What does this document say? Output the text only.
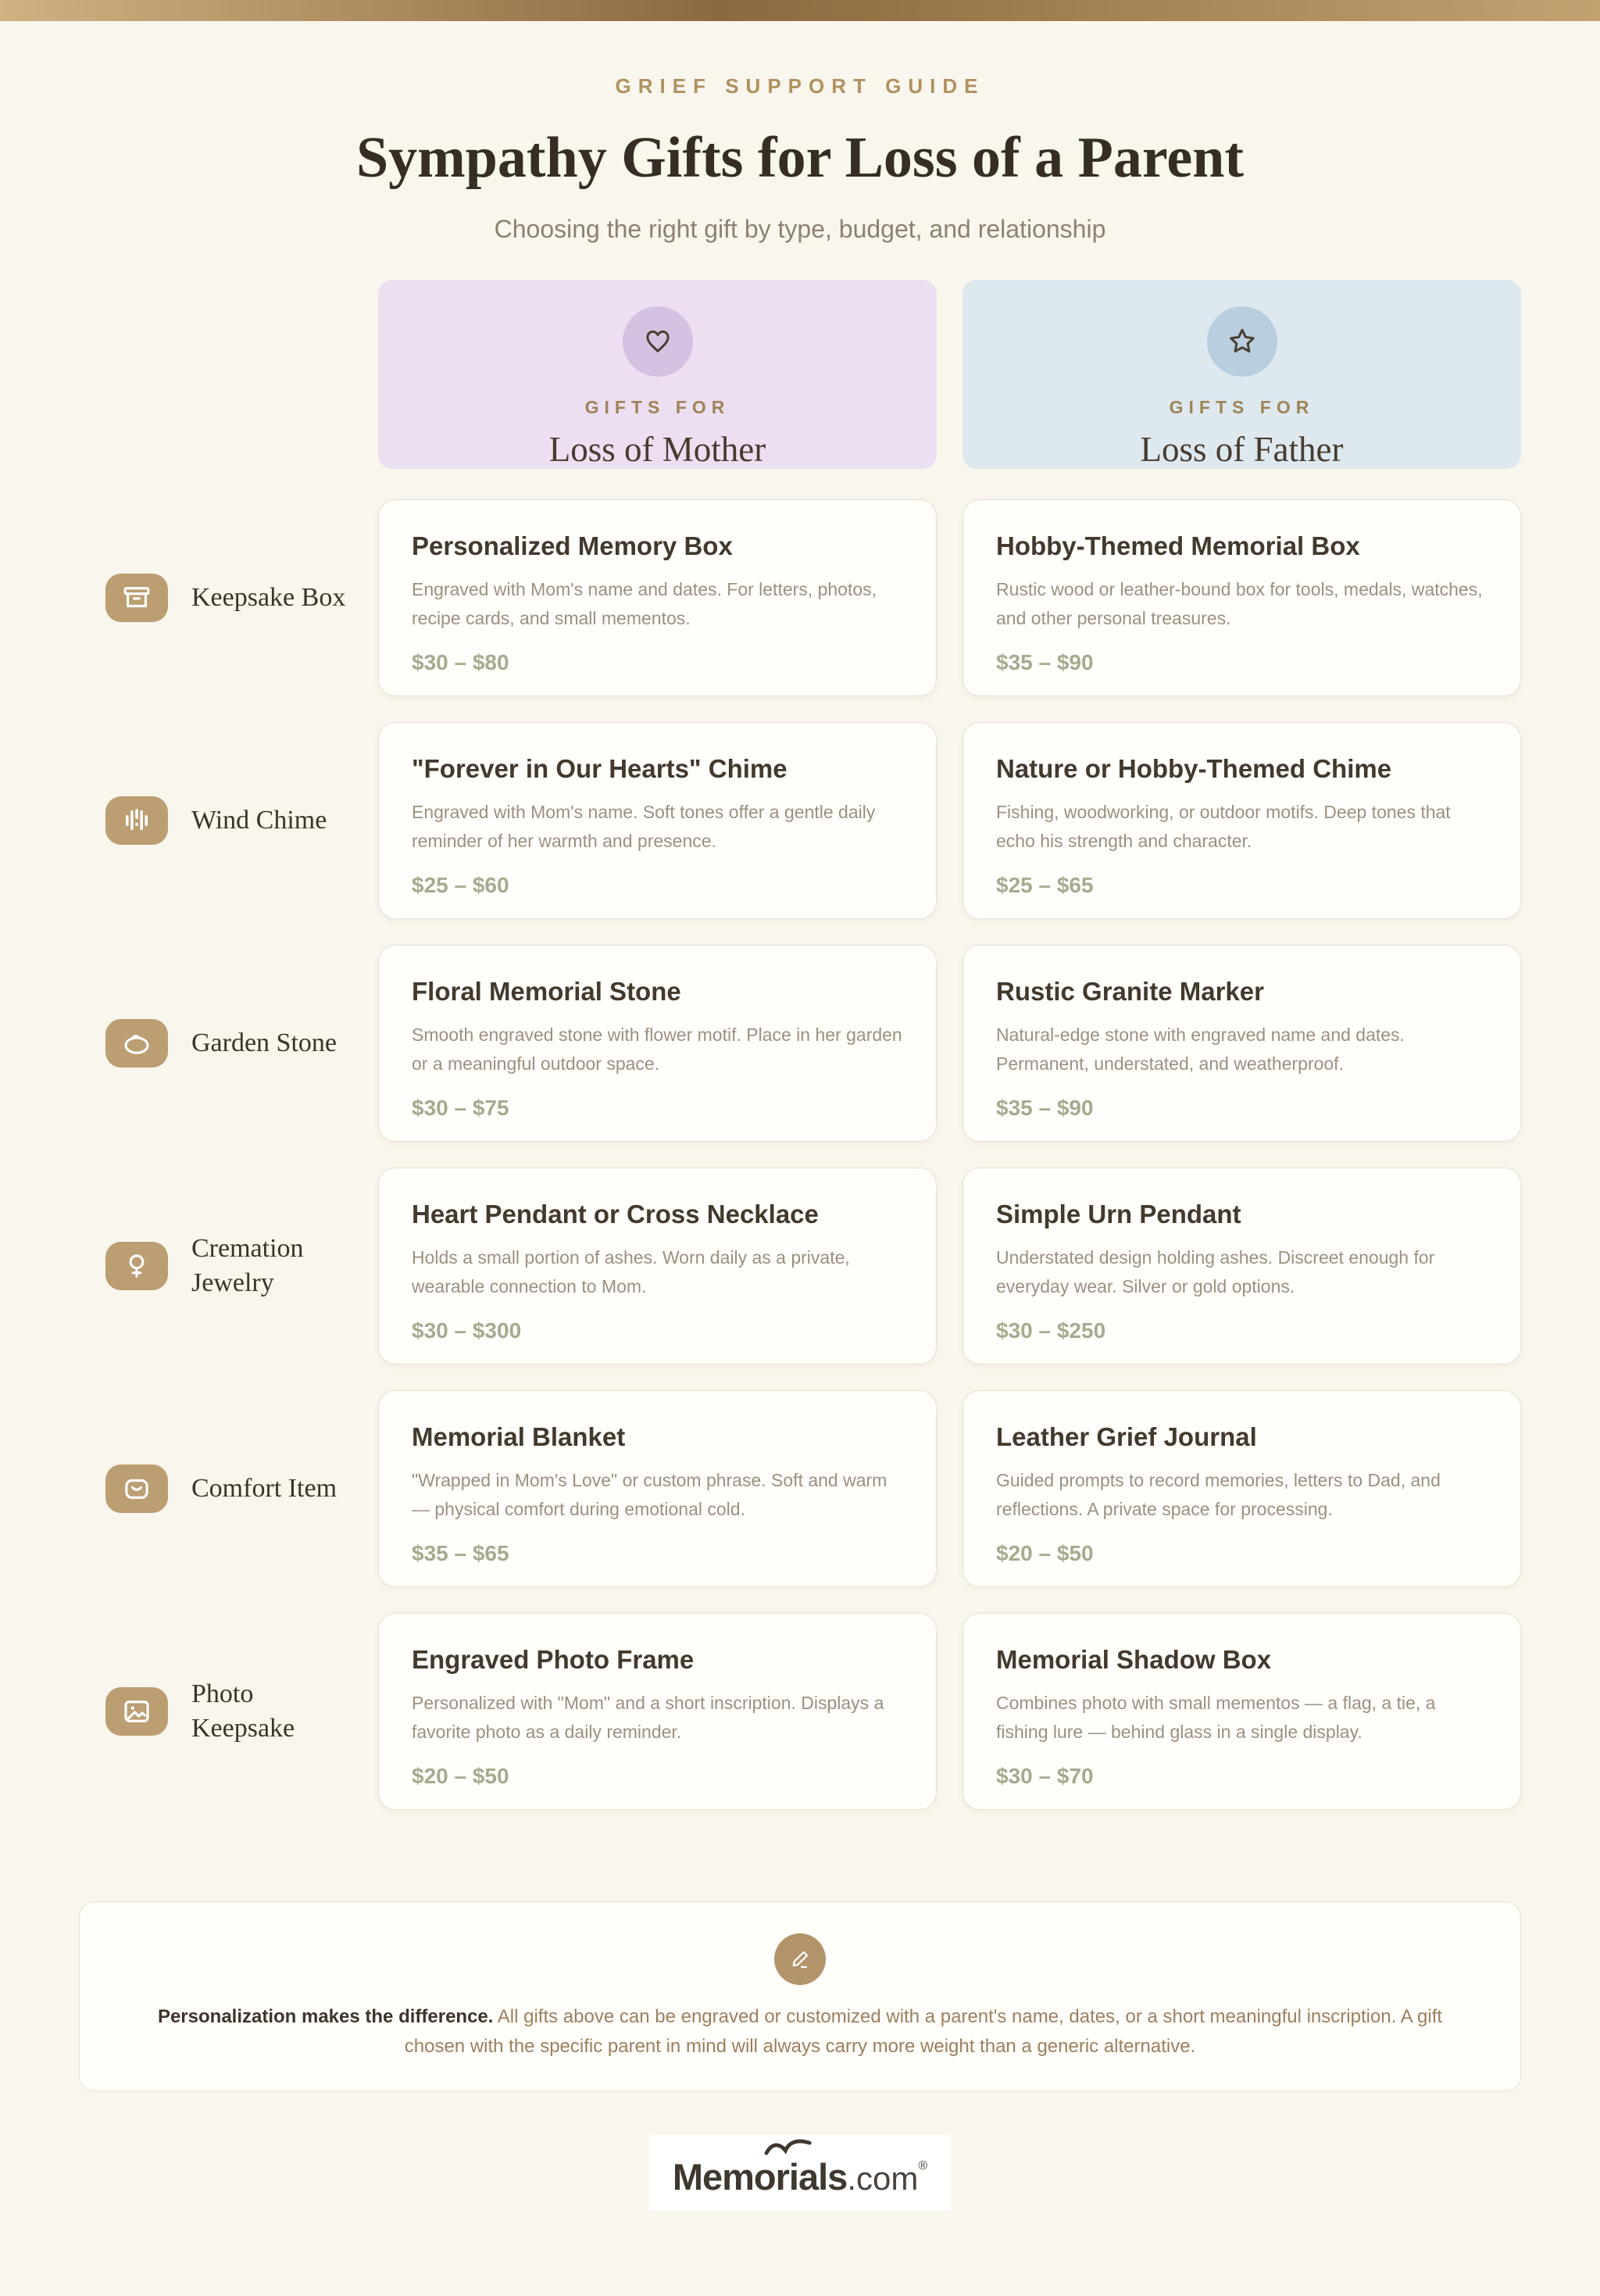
GRIEF SUPPORT GUIDE
Sympathy Gifts for Loss of a Parent
Choosing the right gift by type, budget, and relationship
GIFTS FOR
Loss of Mother
GIFTS FOR
Loss of Father
Keepsake Box
Personalized Memory Box
Engraved with Mom's name and dates. For letters, photos, recipe cards, and small mementos.
$30 – $80
Hobby-Themed Memorial Box
Rustic wood or leather-bound box for tools, medals, watches, and other personal treasures.
$35 – $90
Wind Chime
"Forever in Our Hearts" Chime
Engraved with Mom's name. Soft tones offer a gentle daily reminder of her warmth and presence.
$25 – $60
Nature or Hobby-Themed Chime
Fishing, woodworking, or outdoor motifs. Deep tones that echo his strength and character.
$25 – $65
Garden Stone
Floral Memorial Stone
Smooth engraved stone with flower motif. Place in her garden or a meaningful outdoor space.
$30 – $75
Rustic Granite Marker
Natural-edge stone with engraved name and dates. Permanent, understated, and weatherproof.
$35 – $90
Cremation Jewelry
Heart Pendant or Cross Necklace
Holds a small portion of ashes. Worn daily as a private, wearable connection to Mom.
$30 – $300
Simple Urn Pendant
Understated design holding ashes. Discreet enough for everyday wear. Silver or gold options.
$30 – $250
Comfort Item
Memorial Blanket
"Wrapped in Mom's Love" or custom phrase. Soft and warm — physical comfort during emotional cold.
$35 – $65
Leather Grief Journal
Guided prompts to record memories, letters to Dad, and reflections. A private space for processing.
$20 – $50
Photo Keepsake
Engraved Photo Frame
Personalized with "Mom" and a short inscription. Displays a favorite photo as a daily reminder.
$20 – $50
Memorial Shadow Box
Combines photo with small mementos — a flag, a tie, a fishing lure — behind glass in a single display.
$30 – $70
Personalization makes the difference. All gifts above can be engraved or customized with a parent's name, dates, or a short meaningful inscription. A gift chosen with the specific parent in mind will always carry more weight than a generic alternative.
Memorials.com®
